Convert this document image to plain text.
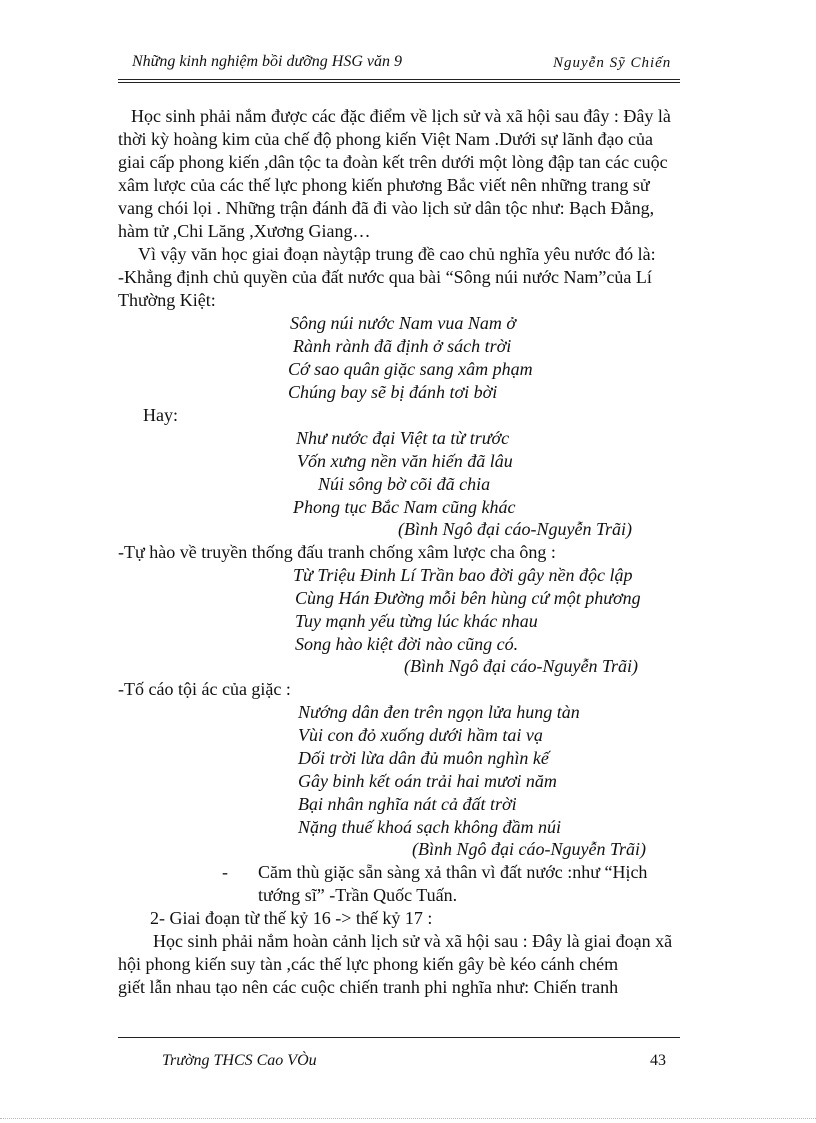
Những kinh nghiệm bồi dưỡng HSG văn 9	Nguyễn Sỹ Chiến
Học sinh phải nắm được các đặc điểm về lịch sử và xã hội sau đây : Đây là
thời kỳ hoàng kim của chế độ phong kiến Việt Nam .Dưới sự lãnh đạo của
giai cấp phong kiến ,dân tộc ta đoàn kết trên dưới một lòng đập tan các cuộc
xâm lược của các thế lực phong kiến phương Bắc viết nên những trang sử
vang chói lọi . Những trận đánh đã đi vào lịch sử dân tộc như: Bạch Đằng,
hàm tử ,Chi Lăng ,Xương Giang…
Vì vậy văn học giai đoạn nàytập trung đề cao chủ nghĩa yêu nước đó là:
-Khẳng định chủ quyền của đất nước qua bài “Sông núi nước Nam”của Lí
Thường Kiệt:
Sông núi nước Nam vua Nam ở
Rành rành đã định ở sách trời
Cớ sao quân giặc sang xâm phạm
Chúng bay sẽ bị đánh tơi bời
Hay:
Như nước đại Việt ta từ trước
Vốn xưng nền văn hiến đã lâu
Núi sông bờ cõi đã chia
Phong tục Bắc Nam cũng khác
(Bình Ngô đại cáo-Nguyễn Trãi)
-Tự hào về truyền thống đấu tranh chống xâm lược cha ông :
Từ Triệu Đinh Lí Trần bao đời gây nền độc lập
Cùng Hán Đường mỗi bên hùng cứ một phương
Tuy mạnh yếu từng lúc khác nhau
Song hào kiệt đời nào cũng có.
(Bình Ngô đại cáo-Nguyễn Trãi)
-Tố cáo tội ác của giặc :
Nướng dân đen trên ngọn lửa hung tàn
Vùi con đỏ xuống dưới hầm tai vạ
Dối trời lừa dân đủ muôn nghìn kế
Gây binh kết oán trải hai mươi năm
Bại nhân nghĩa nát cả đất trời
Nặng thuế khoá sạch không đầm núi
(Bình Ngô đại cáo-Nguyễn Trãi)
- Căm thù giặc sẵn sàng xả thân vì đất nước :như “Hịch
tướng sĩ” -Trần Quốc Tuấn.
2- Giai đoạn từ thế kỷ 16 -> thế kỷ 17 :
Học sinh phải nắm hoàn cảnh lịch sử và xã hội sau : Đây là giai đoạn xã
hội phong kiến suy tàn ,các thế lực phong kiến gây bè kéo cánh chém
giết lẫn nhau tạo nên các cuộc chiến tranh phi nghĩa như: Chiến tranh
Trường THCS Cao VÒu	43
